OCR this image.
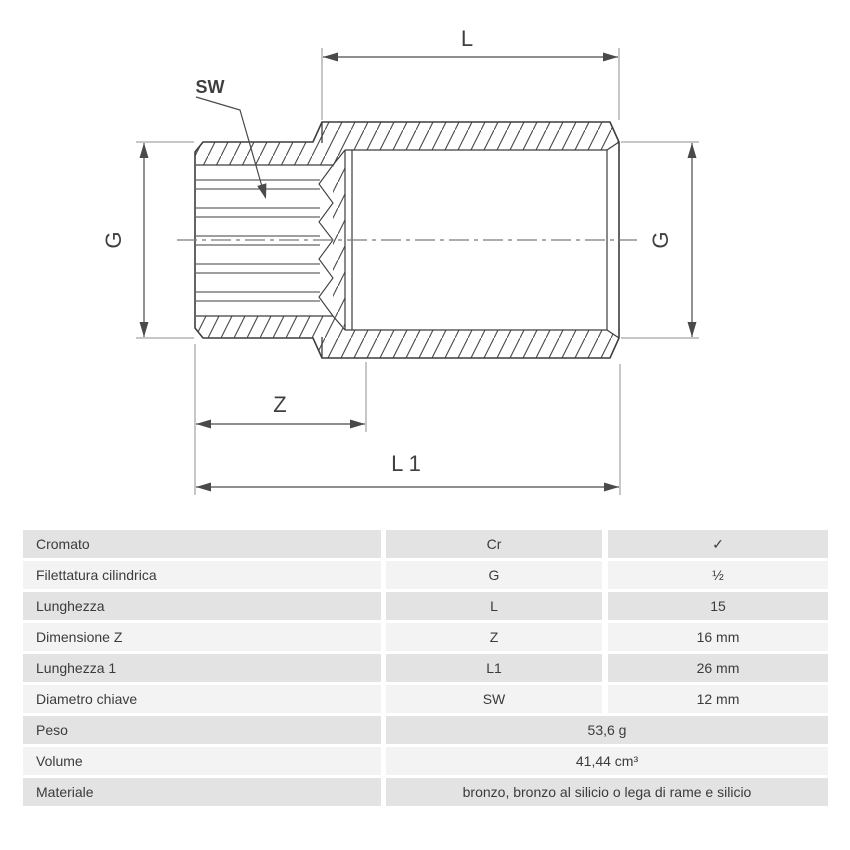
L
SW
G	G
Z
L 1
Cromato	Cr	✓
Filettatura cilindrica	G	½
Lunghezza	L	15
Dimensione Z	Z	16 mm
Lunghezza 1	L1	26 mm
Diametro chiave	SW	12 mm
Peso	53,6 g
Volume	41,44 cm³
Materiale	bronzo, bronzo al silicio o lega di rame e silicio
